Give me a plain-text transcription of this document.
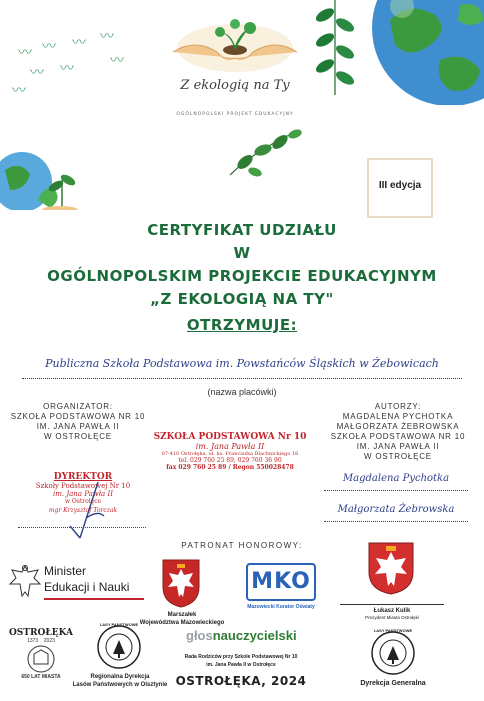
〰 〰 〰 〰
〰
〰
〰
〰	Z ekologią na Ty
OGÓLNOPOLSKI PROJEKT EDUKACYJNY
III edycja
CERTYFIKAT UDZIAŁU
W
OGÓLNOPOLSKIM PROJEKCIE EDUKACYJNYM
„Z EKOLOGIĄ NA TY"
OTRZYMUJE:
Publiczna Szkoła Podstawowa im. Powstańców Śląskich w Żebowicach
(nazwa placówki)
ORGANIZATOR:
SZKOŁA PODSTAWOWA NR 10
IM. JANA PAWŁA II
W OSTROŁĘCE
DYREKTOR
Szkoły Podstawowej Nr 10
im. Jana Pawła II
w Ostrołęce
mgr Krzysztof Torczak
SZKOŁA PODSTAWOWA Nr 10
im. Jana Pawła II
07-410 Ostrołęka, ul. ks. Franciszka Blachnickiego 16
tel. 029 760 25 89, 029 760 36 90
fax 029 760 25 89 / Regon 550028478
AUTORZY:
MAGDALENA PYCHOTKA
MAŁGORZATA ŻEBROWSKA
SZKOŁA PODSTAWOWA NR 10
IM. JANA PAWŁA II
W OSTROŁĘCE
Magdalena Pychotka
Małgorzata Żebrowska
PATRONAT HONOROWY:
Minister
Edukacji i Nauki
Marszałek
Województwa Mazowieckiego
MKO
Mazowiecki Kurator Oświaty
Łukasz Kulik
Prezydent Miasta Ostrołęki
OSTROŁĘKA
1373    2023
650 LAT MIASTA
LASY PAŃSTWOWE
Regionalna Dyrekcja
Lasów Państwowych w Olsztynie
głosnauczycielski
Rada Rodziców przy Szkole Podstawowej Nr 10
im. Jana Pawła II w Ostrołęce
OSTROŁĘKA, 2024
LASY PAŃSTWOWE
Dyrekcja Generalna
